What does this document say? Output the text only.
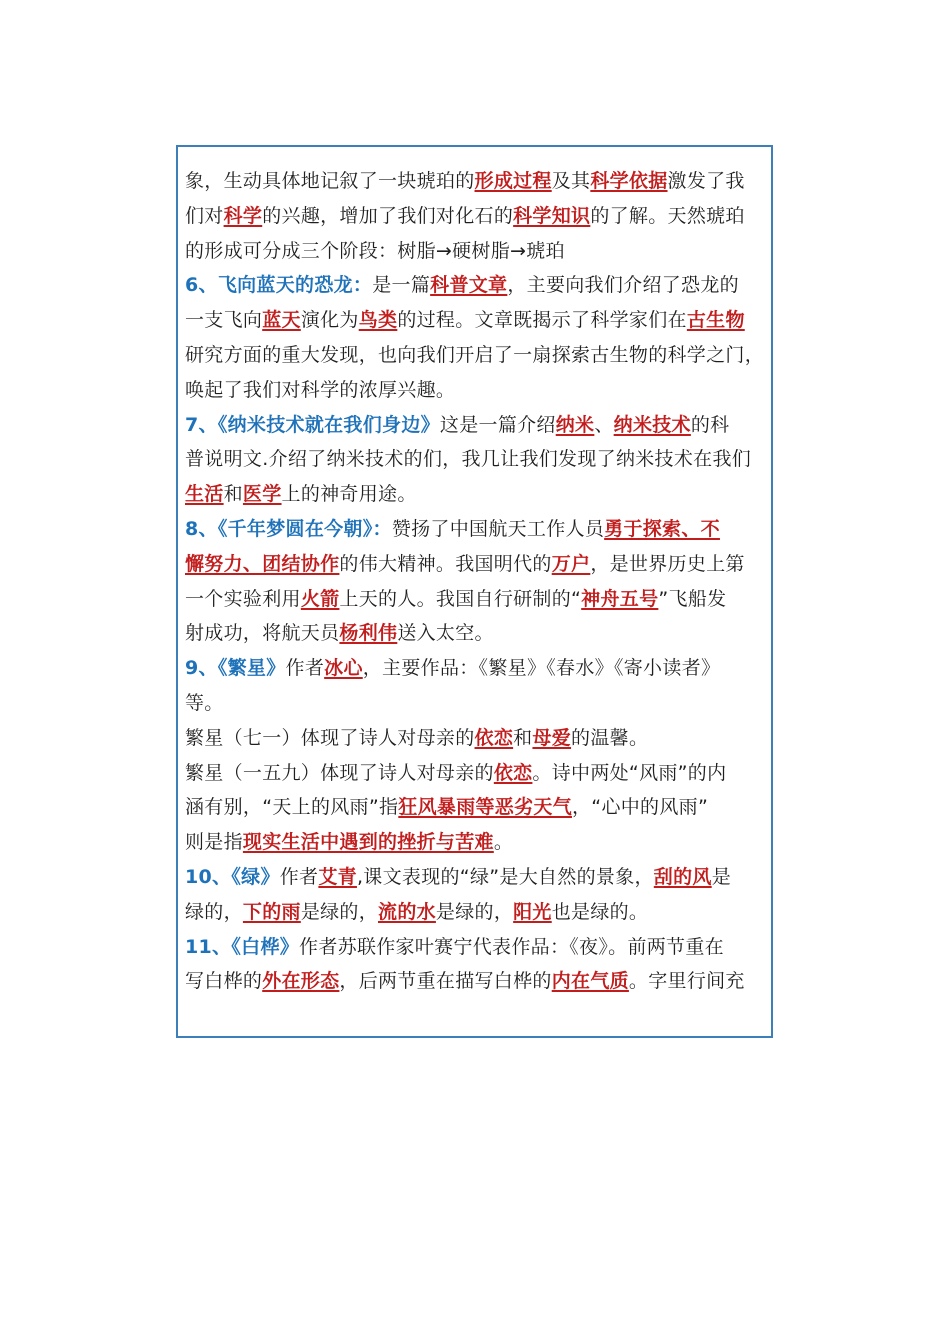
象，生动具体地记叙了一块琥珀的形成过程及其科学依据激发了我
们对科学的兴趣，增加了我们对化石的科学知识的了解。天然琥珀
的形成可分成三个阶段：树脂→硬树脂→琥珀
6、飞向蓝天的恐龙：是一篇科普文章，主要向我们介绍了恐龙的
一支飞向蓝天演化为鸟类的过程。文章既揭示了科学家们在古生物
研究方面的重大发现，也向我们开启了一扇探索古生物的科学之门，
唤起了我们对科学的浓厚兴趣。
7、《纳米技术就在我们身边》这是一篇介绍纳米、纳米技术的科
普说明文.介绍了纳米技术的们，我几让我们发现了纳米技术在我们
生活和医学上的神奇用途。
8、《千年梦圆在今朝》：赞扬了中国航天工作人员勇于探索、不
懈努力、团结协作的伟大精神。我国明代的万户，是世界历史上第
一个实验利用火箭上天的人。我国自行研制的“神舟五号”飞船发
射成功，将航天员杨利伟送入太空。
9、《繁星》作者冰心，主要作品：《繁星》《春水》《寄小读者》
等。
繁星（七一）体现了诗人对母亲的依恋和母爱的温馨。
繁星（一五九）体现了诗人对母亲的依恋。诗中两处“风雨”的内
涵有别，“天上的风雨”指狂风暴雨等恶劣天气，“心中的风雨”
则是指现实生活中遇到的挫折与苦难。
10、《绿》作者艾青,课文表现的“绿”是大自然的景象，刮的风是
绿的，下的雨是绿的，流的水是绿的，阳光也是绿的。
11、《白桦》作者苏联作家叶赛宁代表作品：《夜》。前两节重在
写白桦的外在形态，后两节重在描写白桦的内在气质。字里行间充
